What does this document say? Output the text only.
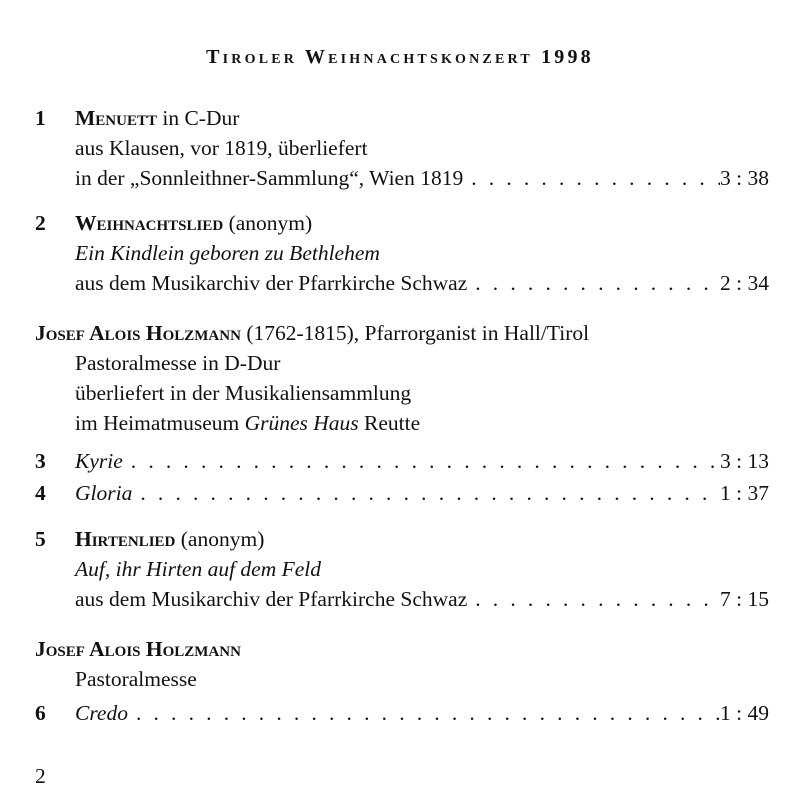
Tiroler Weihnachtskonzert 1998
1 Menuett in C-Dur
aus Klausen, vor 1819, überliefert
in der „Sonnleithner-Sammlung“, Wien 1819 . . .	3 : 38
2 Weihnachtslied (anonym)
Ein Kindlein geboren zu Bethlehem
aus dem Musikarchiv der Pfarrkirche Schwaz . . .	2 : 34
Josef Alois Holzmann (1762-1815), Pfarrorganist in Hall/Tirol
Pastoralmesse in D-Dur
überliefert in der Musikaliensammlung
im Heimatmuseum Grünes Haus Reutte
3 Kyrie . . .	3 : 13
4 Gloria . . .	1 : 37
5 Hirtenlied (anonym)
Auf, ihr Hirten auf dem Feld
aus dem Musikarchiv der Pfarrkirche Schwaz . . .	7 : 15
Josef Alois Holzmann
Pastoralmesse
6 Credo . . .	1 : 49
2
